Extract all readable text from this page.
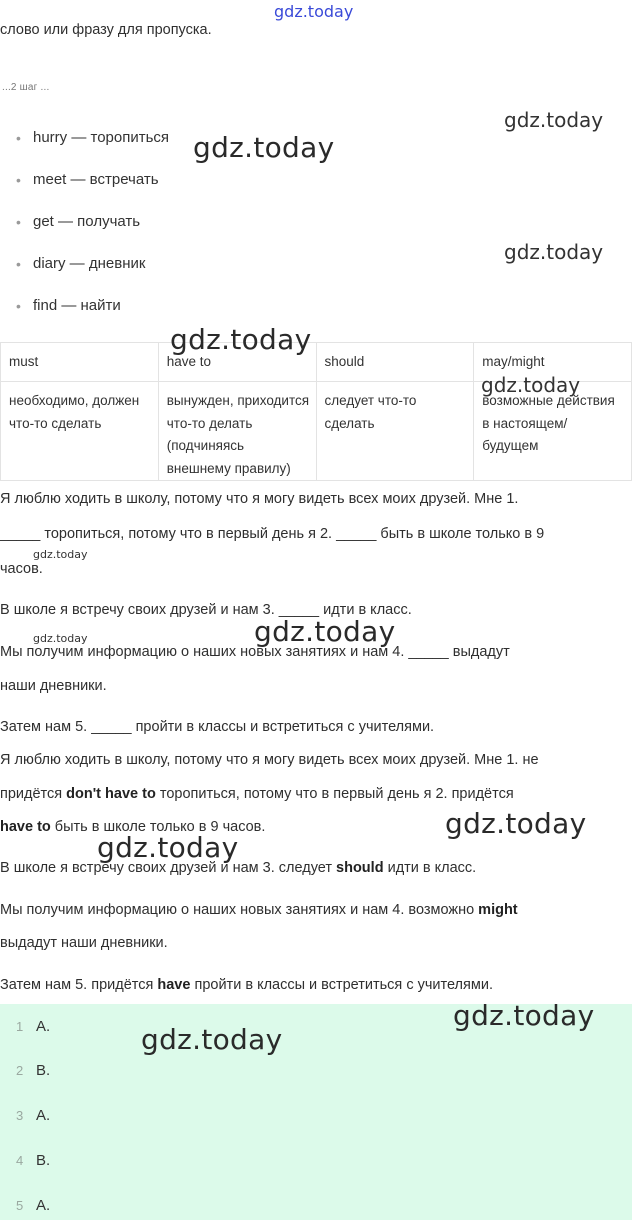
gdz.today
слово или фразу для пропуска.
...2 шаг ...
• hurry — торопиться
• meet — встречать
• get — получать
• diary — дневник
• find — найти
must	have to	should	may/might
необходимо, должен что-то сделать	вынужден, приходится что-то делать (подчиняясь внешнему правилу)	следует что-то сделать	возможные действия в настоящем/ будущем
Я люблю ходить в школу, потому что я могу видеть всех моих друзей. Мне 1.
_____ торопиться, потому что в первый день я 2. _____ быть в школе только в 9
часов.
В школе я встречу своих друзей и нам 3. _____ идти в класс.
Мы получим информацию о наших новых занятиях и нам 4. _____ выдадут
наши дневники.
Затем нам 5. _____ пройти в классы и встретиться с учителями.
Я люблю ходить в школу, потому что я могу видеть всех моих друзей. Мне 1. не
придётся don't have to торопиться, потому что в первый день я 2. придётся
have to быть в школе только в 9 часов.
В школе я встречу своих друзей и нам 3. следует should идти в класс.
Мы получим информацию о наших новых занятиях и нам 4. возможно might
выдадут наши дневники.
Затем нам 5. придётся have пройти в классы и встретиться с учителями.
1 A.
2 B.
3 A.
4 B.
5 A.
gdz.today
gdz.today
gdz.today
gdz.today
gdz.today
gdz.today
gdz.today
gdz.today
gdz.today
gdz.today
gdz.today
gdz.today
